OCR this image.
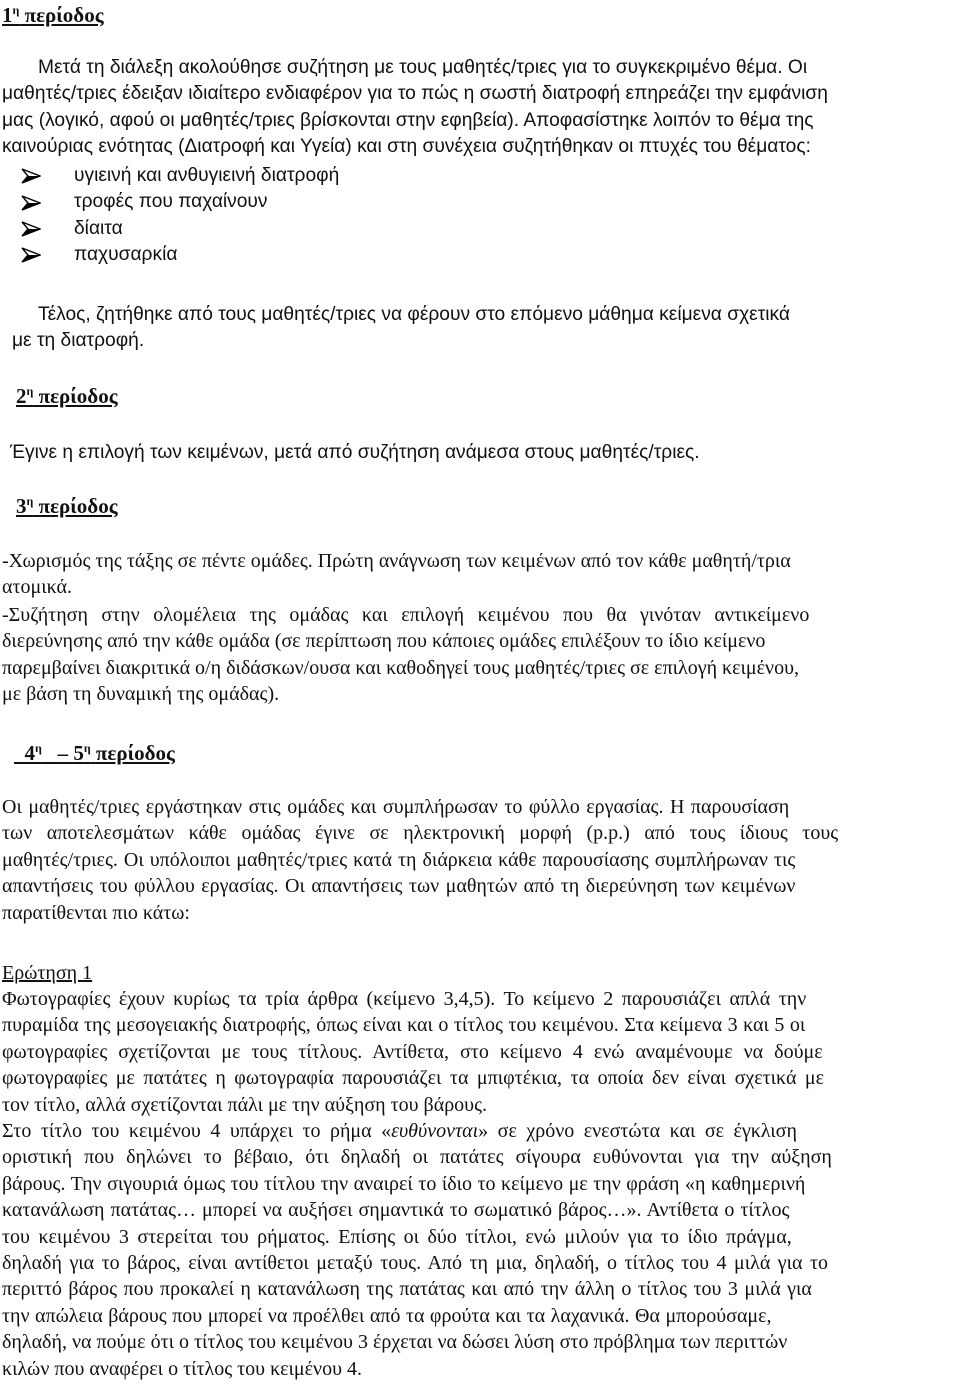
$1^\eta$ περίοδος
Μετά τη διάλεξη ακολούθησε συζήτηση με τους μαθητές/τριες για το συγκεκριμένο θέμα. Οι
μαθητές/τριες έδειξαν ιδιαίτερο ενδιαφέρον για το πώς η σωστή διατροφή επηρεάζει την εμφάνιση
μας (λογικό, αφού οι μαθητές/τριες βρίσκονται στην εφηβεία). Αποφασίστηκε λοιπόν το θέμα της
καινούριας ενότητας (Διατροφή και Υγεία) και στη συνέχεια συζητήθηκαν οι πτυχές του θέματος:
υγιεινή και ανθυγιεινή διατροφή
τροφές που παχαίνουν
δίαιτα
παχυσαρκία
Τέλος, ζητήθηκε από τους μαθητές/τριες να φέρουν στο επόμενο μάθημα κείμενα σχετικά
με τη διατροφή.
$2^\eta$ περίοδος
Έγινε η επιλογή των κειμένων, μετά από συζήτηση ανάμεσα στους μαθητές/τριες.
$3^\eta$ περίοδος
-Χωρισμός της τάξης σε πέντε ομάδες. Πρώτη ανάγνωση των κειμένων από τον κάθε μαθητή/τρια
ατομικά.
-Συζήτηση στην ολομέλεια της ομάδας και επιλογή κειμένου που θα γινόταν αντικείμενο
διερεύνησης από την κάθε ομάδα (σε περίπτωση που κάποιες ομάδες επιλέξουν το ίδιο κείμενο
παρεμβαίνει διακριτικά ο/η διδάσκων/ουσα και καθοδηγεί τους μαθητές/τριες σε επιλογή κειμένου,
με βάση τη δυναμική της ομάδας).
$4^\eta - 5^\eta$ περίοδος
Οι μαθητές/τριες εργάστηκαν στις ομάδες και συμπλήρωσαν το φύλλο εργασίας. Η παρουσίαση
των αποτελεσμάτων κάθε ομάδας έγινε σε ηλεκτρονική μορφή (p.p.) από τους ίδιους τους
μαθητές/τριες. Οι υπόλοιποι μαθητές/τριες κατά τη διάρκεια κάθε παρουσίασης συμπλήρωναν τις
απαντήσεις του φύλλου εργασίας. Οι απαντήσεις των μαθητών από τη διερεύνηση των κειμένων
παρατίθενται πιο κάτω:
Ερώτηση 1
Φωτογραφίες έχουν κυρίως τα τρία άρθρα (κείμενο 3,4,5). Το κείμενο 2 παρουσιάζει απλά την
πυραμίδα της μεσογειακής διατροφής, όπως είναι και ο τίτλος του κειμένου. Στα κείμενα 3 και 5 οι
φωτογραφίες σχετίζονται με τους τίτλους. Αντίθετα, στο κείμενο 4 ενώ αναμένουμε να δούμε
φωτογραφίες με πατάτες η φωτογραφία παρουσιάζει τα μπιφτέκια, τα οποία δεν είναι σχετικά με
τον τίτλο, αλλά σχετίζονται πάλι με την αύξηση του βάρους.
Στο τίτλο του κειμένου 4 υπάρχει το ρήμα «ευθύνονται» σε χρόνο ενεστώτα και σε έγκλιση
οριστική που δηλώνει το βέβαιο, ότι δηλαδή οι πατάτες σίγουρα ευθύνονται για την αύξηση
βάρους. Την σιγουριά όμως του τίτλου την αναιρεί το ίδιο το κείμενο με την φράση «η καθημερινή
κατανάλωση πατάτας… μπορεί να αυξήσει σημαντικά το σωματικό βάρος…». Αντίθετα ο τίτλος
του κειμένου 3 στερείται του ρήματος. Επίσης οι δύο τίτλοι, ενώ μιλούν για το ίδιο πράγμα,
δηλαδή για το βάρος, είναι αντίθετοι μεταξύ τους. Από τη μια, δηλαδή, ο τίτλος του 4 μιλά για το
περιττό βάρος που προκαλεί η κατανάλωση της πατάτας και από την άλλη ο τίτλος του 3 μιλά για
την απώλεια βάρους που μπορεί να προέλθει από τα φρούτα και τα λαχανικά. Θα μπορούσαμε,
δηλαδή, να πούμε ότι ο τίτλος του κειμένου 3 έρχεται να δώσει λύση στο πρόβλημα των περιττών
κιλών που αναφέρει ο τίτλος του κειμένου 4.
